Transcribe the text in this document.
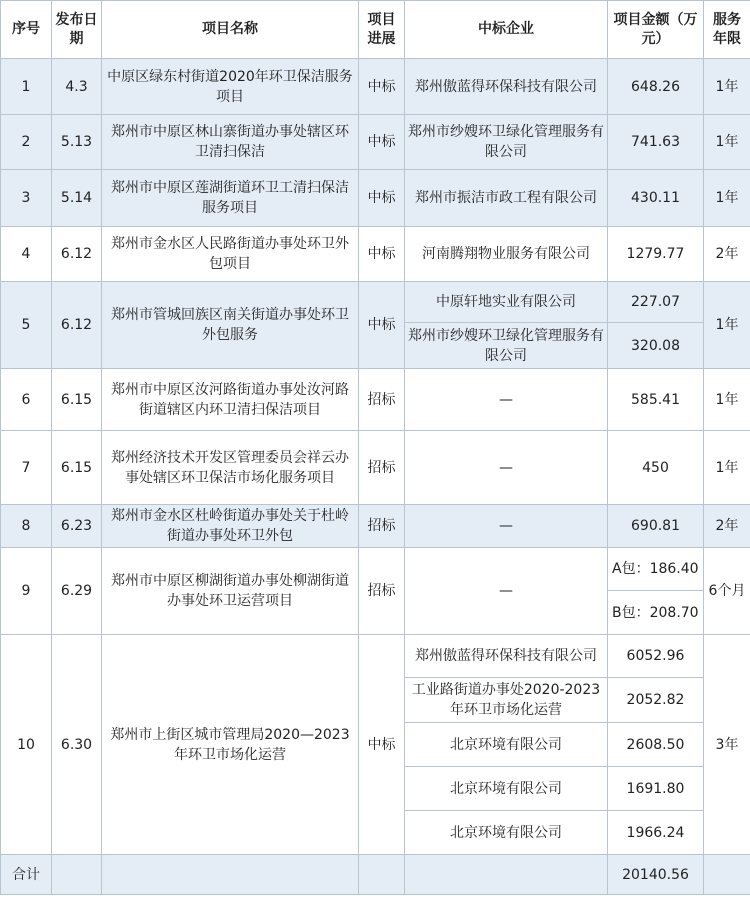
序号	发布日期	项目名称	项目进展	中标企业	项目金额（万元）	服务年限
1	4.3	中原区绿东村街道2020年环卫保洁服务项目	中标	郑州傲蓝得环保科技有限公司	648.26	1年
2	5.13	郑州市中原区林山寨街道办事处辖区环卫清扫保洁	中标	郑州市纱嫂环卫绿化管理服务有限公司	741.63	1年
3	5.14	郑州市中原区莲湖街道环卫工清扫保洁服务项目	中标	郑州市振洁市政工程有限公司	430.11	1年
4	6.12	郑州市金水区人民路街道办事处环卫外包项目	中标	河南腾翔物业服务有限公司	1279.77	2年
5	6.12	郑州市管城回族区南关街道办事处环卫外包服务	中标	中原轩地实业有限公司	227.07	1年
				郑州市纱嫂环卫绿化管理服务有限公司	320.08	
6	6.15	郑州市中原区汝河路街道办事处汝河路街道辖区内环卫清扫保洁项目	招标	—	585.41	1年
7	6.15	郑州经济技术开发区管理委员会祥云办事处辖区环卫保洁市场化服务项目	招标	—	450	1年
8	6.23	郑州市金水区杜岭街道办事处关于杜岭街道办事处环卫外包	招标	—	690.81	2年
9	6.29	郑州市中原区柳湖街道办事处柳湖街道办事处环卫运营项目	招标	—	A包：186.40	6个月
					B包：208.70	
10	6.30	郑州市上街区城市管理局2020—2023年环卫市场化运营	中标	郑州傲蓝得环保科技有限公司	6052.96	3年
				工业路街道办事处2020-2023年环卫市场化运营	2052.82	
				北京环境有限公司	2608.50	
				北京环境有限公司	1691.80	
				北京环境有限公司	1966.24	
合计					20140.56	
